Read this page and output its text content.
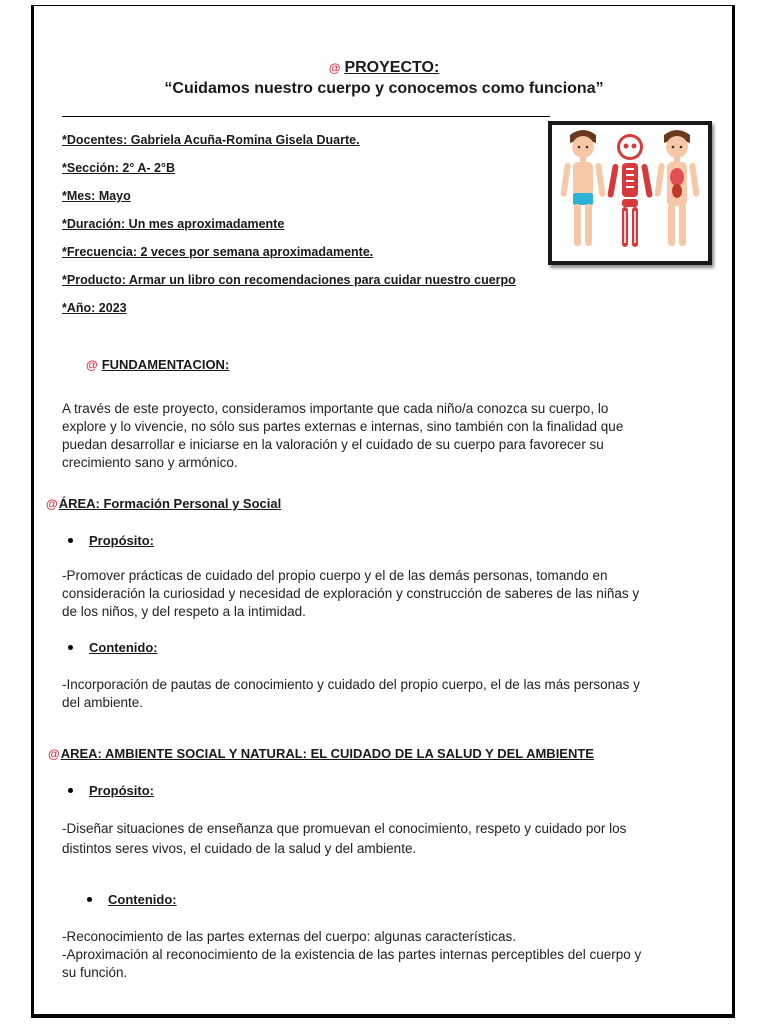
@ PROYECTO:
“Cuidamos nuestro cuerpo y conocemos como funciona”
*Docentes: Gabriela Acuña-Romina Gisela Duarte.
*Sección: 2° A- 2°B
*Mes: Mayo
*Duración: Un mes aproximadamente
*Frecuencia: 2 veces por semana aproximadamente.
*Producto: Armar un libro con recomendaciones para cuidar nuestro cuerpo
*Año: 2023
@ FUNDAMENTACION:
A través de este proyecto, consideramos importante que cada niño/a conozca su cuerpo, lo
explore y lo vivencie, no sólo sus partes externas e internas, sino también con la finalidad que
puedan desarrollar e iniciarse en la valoración y el cuidado de su cuerpo para favorecer su
crecimiento sano y armónico.
@ÁREA: Formación Personal y Social
Propósito:
-Promover prácticas de cuidado del propio cuerpo y el de las demás personas, tomando en
consideración la curiosidad y necesidad de exploración y construcción de saberes de las niñas y
de los niños, y del respeto a la intimidad.
Contenido:
-Incorporación de pautas de conocimiento y cuidado del propio cuerpo, el de las más personas y
del ambiente.
@AREA: AMBIENTE SOCIAL Y NATURAL: EL CUIDADO DE LA SALUD Y DEL AMBIENTE
Propósito:
-Diseñar situaciones de enseñanza que promuevan el conocimiento, respeto y cuidado por los
distintos seres vivos, el cuidado de la salud y del ambiente.
Contenido:
-Reconocimiento de las partes externas del cuerpo: algunas características.
-Aproximación al reconocimiento de la existencia de las partes internas perceptibles del cuerpo y
su función.
